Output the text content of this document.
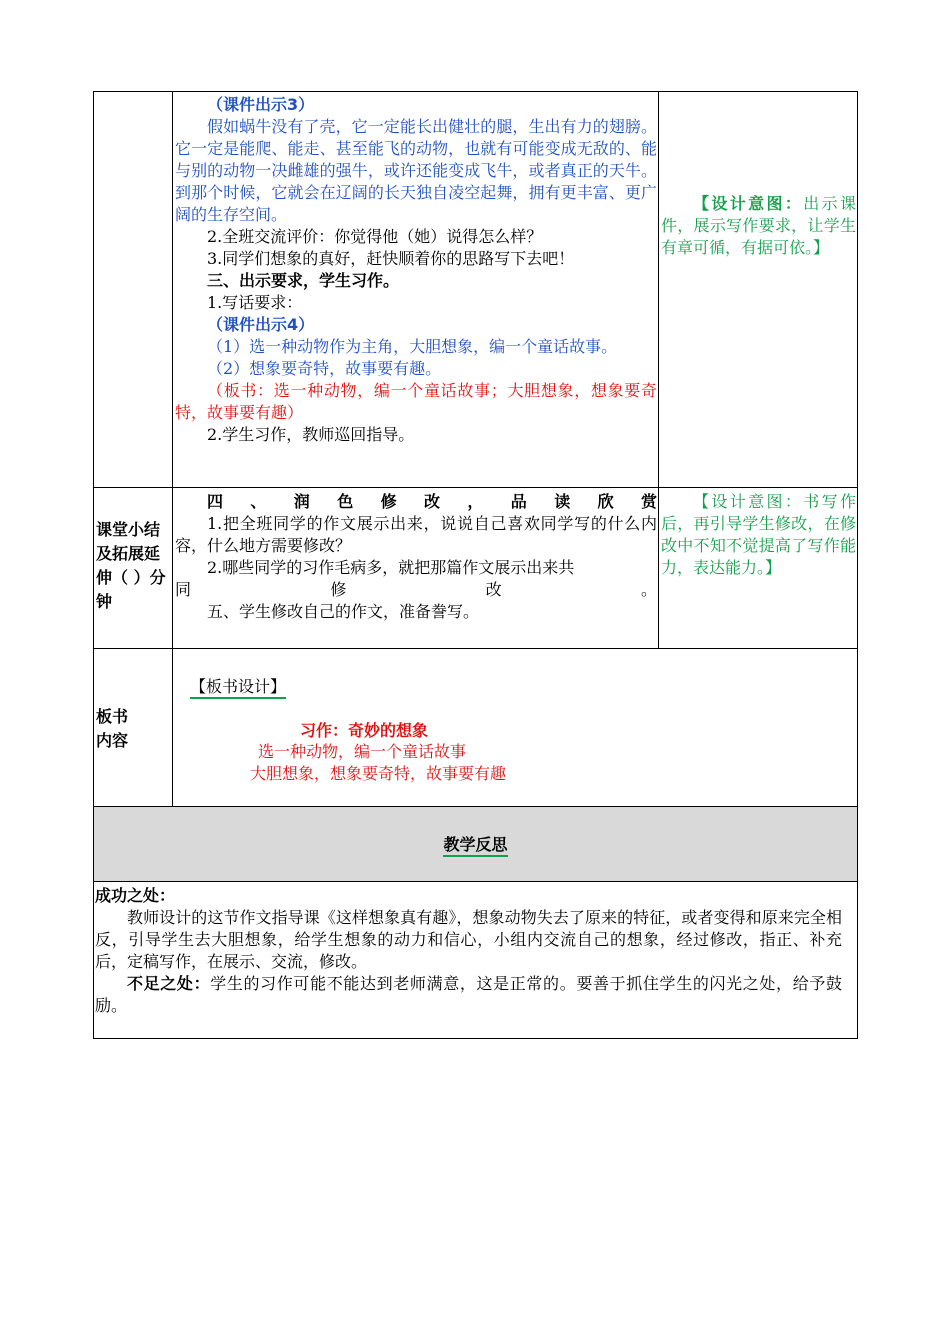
（课件出示3）

假如蜗牛没有了壳，它一定能长出健壮的腿，生出有力的翅膀。它一定是能爬、能走、甚至能飞的动物，也就有可能变成无敌的、能与别的动物一决雌雄的强牛，或许还能变成飞牛，或者真正的天牛。到那个时候，它就会在辽阔的长天独自凌空起舞，拥有更丰富、更广阔的生存空间。

2.全班交流评价：你觉得他（她）说得怎么样？

3.同学们想象的真好，赶快顺着你的思路写下去吧！

三、出示要求，学生习作。

1.写话要求：

（课件出示4）

（1）选一种动物作为主角，大胆想象，编一个童话故事。

（2）想象要奇特，故事要有趣。

（板书：选一种动物，编一个童话故事；大胆想象，想象要奇特，故事要有趣）

2.学生习作，教师巡回指导。

【设计意图：出示课件，展示写作要求，让学生有章可循，有据可依。】
课堂小结及拓展延伸（ ）分钟

四、润色修改，品读欣赏

1.把全班同学的作文展示出来，说说自己喜欢同学写的什么内容，什么地方需要修改？

2.哪些同学的习作毛病多，就把那篇作文展示出来共

同修改。

五、学生修改自己的作文，准备誊写。

【设计意图：书写作后，再引导学生修改，在修改中不知不觉提高了写作能力，表达能力。】
板书内容
【板书设计】
习作：奇妙的想象
选一种动物，编一个童话故事
大胆想象，想象要奇特，故事要有趣
教学反思

成功之处：

教师设计的这节作文指导课《这样想象真有趣》，想象动物失去了原来的特征，或者变得和原来完全相反，引导学生去大胆想象，给学生想象的动力和信心，小组内交流自己的想象，经过修改，指正、补充后，定稿写作，在展示、交流，修改。

不足之处：学生的习作可能不能达到老师满意，这是正常的。要善于抓住学生的闪光之处，给予鼓励。
